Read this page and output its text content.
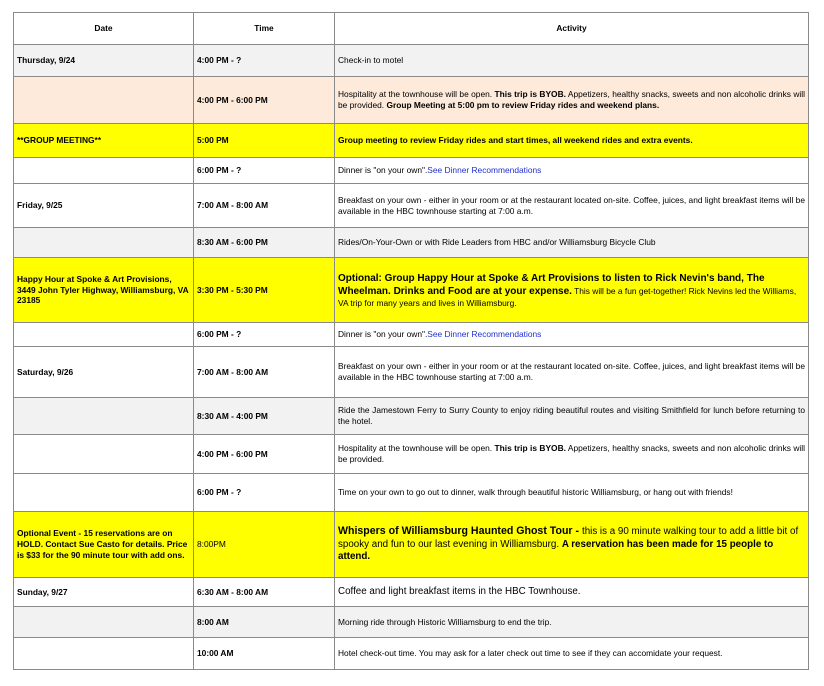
Date	Time	Activity
Thursday, 9/24	4:00 PM - ?	Check-in to motel
	4:00 PM - 6:00 PM	Hospitality at the townhouse will be open. This trip is BYOB. Appetizers, healthy snacks, sweets and non alcoholic drinks will be provided. Group Meeting at 5:00 pm to review Friday rides and weekend plans.
**GROUP MEETING**	5:00 PM	Group meeting to review Friday rides and start times, all weekend rides and extra events.
	6:00 PM - ?	Dinner is "on your own".See Dinner Recommendations
Friday, 9/25	7:00 AM - 8:00 AM	Breakfast on your own - either in your room or at the restaurant located on-site. Coffee, juices, and light breakfast items will be available in the HBC townhouse starting at 7:00 a.m.
	8:30 AM - 6:00 PM	Rides/On-Your-Own or with Ride Leaders from HBC and/or Williamsburg Bicycle Club
Happy Hour at Spoke & Art Provisions, 3449 John Tyler Highway, Williamsburg, VA 23185	3:30 PM - 5:30 PM	Optional: Group Happy Hour at Spoke & Art Provisions to listen to Rick Nevin's band, The Wheelman. Drinks and Food are at your expense. This will be a fun get-together! Rick Nevins led the Williams, VA trip for many years and lives in Williamsburg.
	6:00 PM - ?	Dinner is "on your own".See Dinner Recommendations
Saturday, 9/26	7:00 AM - 8:00 AM	Breakfast on your own - either in your room or at the restaurant located on-site. Coffee, juices, and light breakfast items will be available in the HBC townhouse starting at 7:00 a.m.
	8:30 AM - 4:00 PM	Ride the Jamestown Ferry to Surry County to enjoy riding beautiful routes and visiting Smithfield for lunch before returning to the hotel.
	4:00 PM - 6:00 PM	Hospitality at the townhouse will be open. This trip is BYOB. Appetizers, healthy snacks, sweets and non alcoholic drinks will be provided.
	6:00 PM - ?	Time on your own to go out to dinner, walk through beautiful historic Williamsburg, or hang out with friends!
Optional Event - 15 reservations are on HOLD. Contact Sue Casto for details. Price is $33 for the 90 minute tour with add ons.	8:00PM	Whispers of Williamsburg Haunted Ghost Tour - this is a 90 minute walking tour to add a little bit of spooky and fun to our last evening in Williamsburg. A reservation has been made for 15 people to attend.
Sunday, 9/27	6:30 AM - 8:00 AM	Coffee and light breakfast items in the HBC Townhouse.
	8:00 AM	Morning ride through Historic Williamsburg to end the trip.
	10:00 AM	Hotel check-out time. You may ask for a later check out time to see if they can accomidate your request.
